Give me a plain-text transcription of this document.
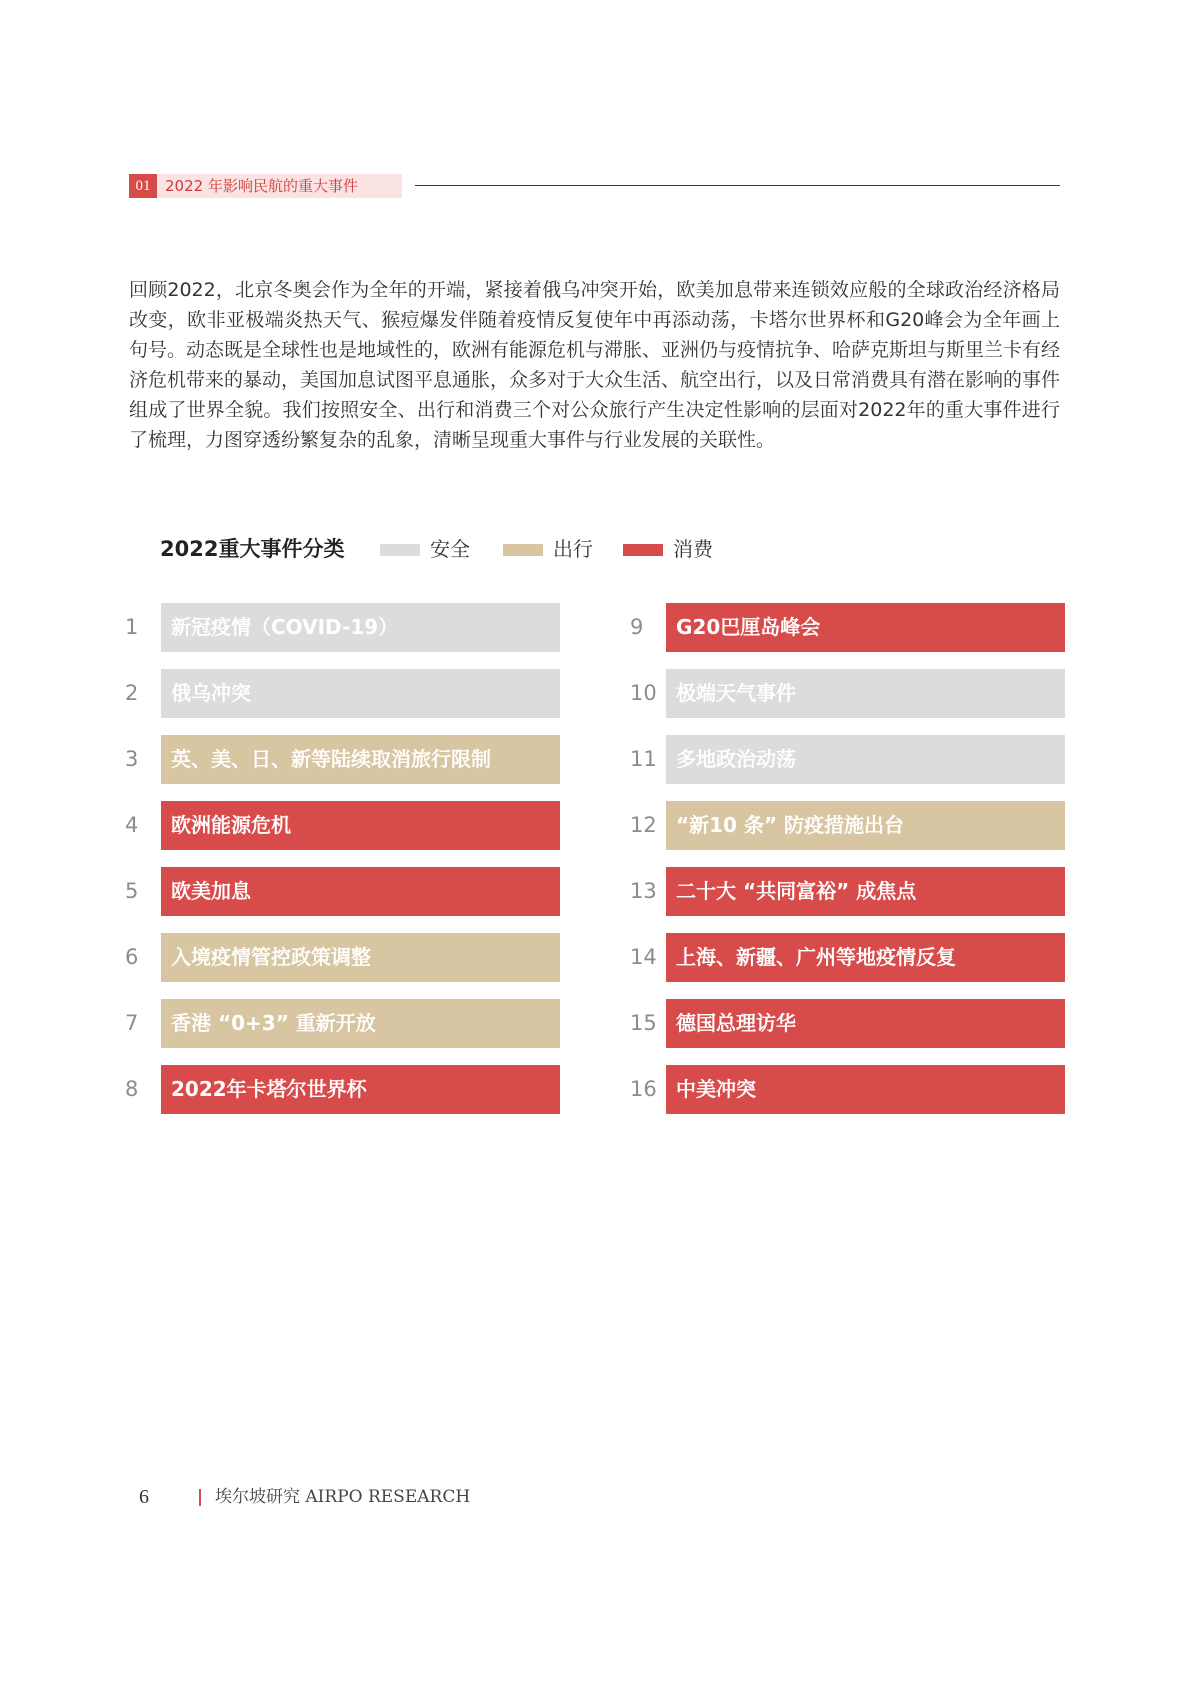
01 2022 年影响民航的重大事件

回顾2022，北京冬奥会作为全年的开端，紧接着俄乌冲突开始，欧美加息带来连锁效应般的全球政治经济格局改变，欧非亚极端炎热天气、猴痘爆发伴随着疫情反复使年中再添动荡，卡塔尔世界杯和G20峰会为全年画上句号。动态既是全球性也是地域性的，欧洲有能源危机与滞胀、亚洲仍与疫情抗争、哈萨克斯坦与斯里兰卡有经济危机带来的暴动，美国加息试图平息通胀，众多对于大众生活、航空出行，以及日常消费具有潜在影响的事件组成了世界全貌。我们按照安全、出行和消费三个对公众旅行产生决定性影响的层面对2022年的重大事件进行了梳理，力图穿透纷繁复杂的乱象，清晰呈现重大事件与行业发展的关联性。

2022重大事件分类	安全	出行	消费
1	新冠疫情（COVID-19）
2	俄乌冲突
3	英、美、日、新等陆续取消旅行限制
4	欧洲能源危机
5	欧美加息
6	入境疫情管控政策调整
7	香港 “0+3” 重新开放
8	2022年卡塔尔世界杯
9	G20巴厘岛峰会
10 极端天气事件
11 多地政治动荡
12 “新10 条” 防疫措施出台
13 二十大 “共同富裕” 成焦点
14 上海、新疆、广州等地疫情反复
15 德国总理访华
16 中美冲突
6	埃尔坡研究 AIRPO RESEARCH
